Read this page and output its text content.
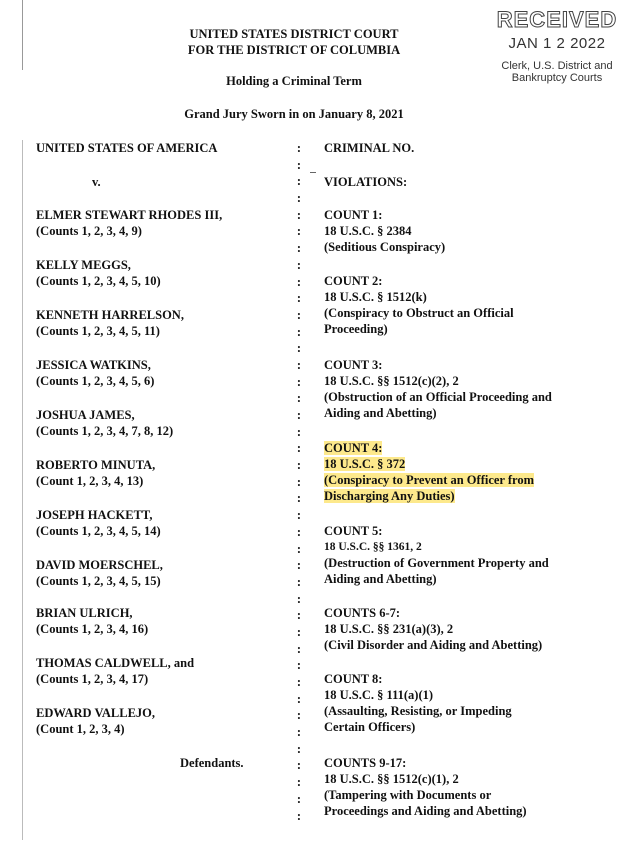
UNITED STATES DISTRICT COURT
FOR THE DISTRICT OF COLUMBIA
Holding a Criminal Term
Grand Jury Sworn in on January 8, 2021
RECEIVED
JAN 1 2 2022
Clerk, U.S. District and
Bankruptcy Courts
UNITED STATES OF AMERICA
v.
ELMER STEWART RHODES III,
(Counts 1, 2, 3, 4, 9)
KELLY MEGGS,
(Counts 1, 2, 3, 4, 5, 10)
KENNETH HARRELSON,
(Counts 1, 2, 3, 4, 5, 11)
JESSICA WATKINS,
(Counts 1, 2, 3, 4, 5, 6)
JOSHUA JAMES,
(Counts 1, 2, 3, 4, 7, 8, 12)
ROBERTO MINUTA,
(Count 1, 2, 3, 4, 13)
JOSEPH HACKETT,
(Counts 1, 2, 3, 4, 5, 14)
DAVID MOERSCHEL,
(Counts 1, 2, 3, 4, 5, 15)
BRIAN ULRICH,
(Counts 1, 2, 3, 4, 16)
THOMAS CALDWELL, and
(Counts 1, 2, 3, 4, 17)
EDWARD VALLEJO,
(Count 1, 2, 3, 4)
Defendants.
:
:
:
:
:
:
:
:
:
:
:
:
:
:
:
:
:
:
:
:
:
:
:
:
:
:
:
:
:
:
:
:
:
:
:
:
:
:
:
:
:
CRIMINAL NO.
VIOLATIONS:
COUNT 1:
18 U.S.C. § 2384
(Seditious Conspiracy)
COUNT 2:
18 U.S.C. § 1512(k)
(Conspiracy to Obstruct an Official
Proceeding)
COUNT 3:
18 U.S.C. §§ 1512(c)(2), 2
(Obstruction of an Official Proceeding and
Aiding and Abetting)
COUNT 4:
18 U.S.C. § 372
(Conspiracy to Prevent an Officer from
Discharging Any Duties)
COUNT 5:
18 U.S.C. §§ 1361, 2
(Destruction of Government Property and
Aiding and Abetting)
COUNTS 6-7:
18 U.S.C. §§ 231(a)(3), 2
(Civil Disorder and Aiding and Abetting)
COUNT 8:
18 U.S.C. § 111(a)(1)
(Assaulting, Resisting, or Impeding
Certain Officers)
COUNTS 9-17:
18 U.S.C. §§ 1512(c)(1), 2
(Tampering with Documents or
Proceedings and Aiding and Abetting)
